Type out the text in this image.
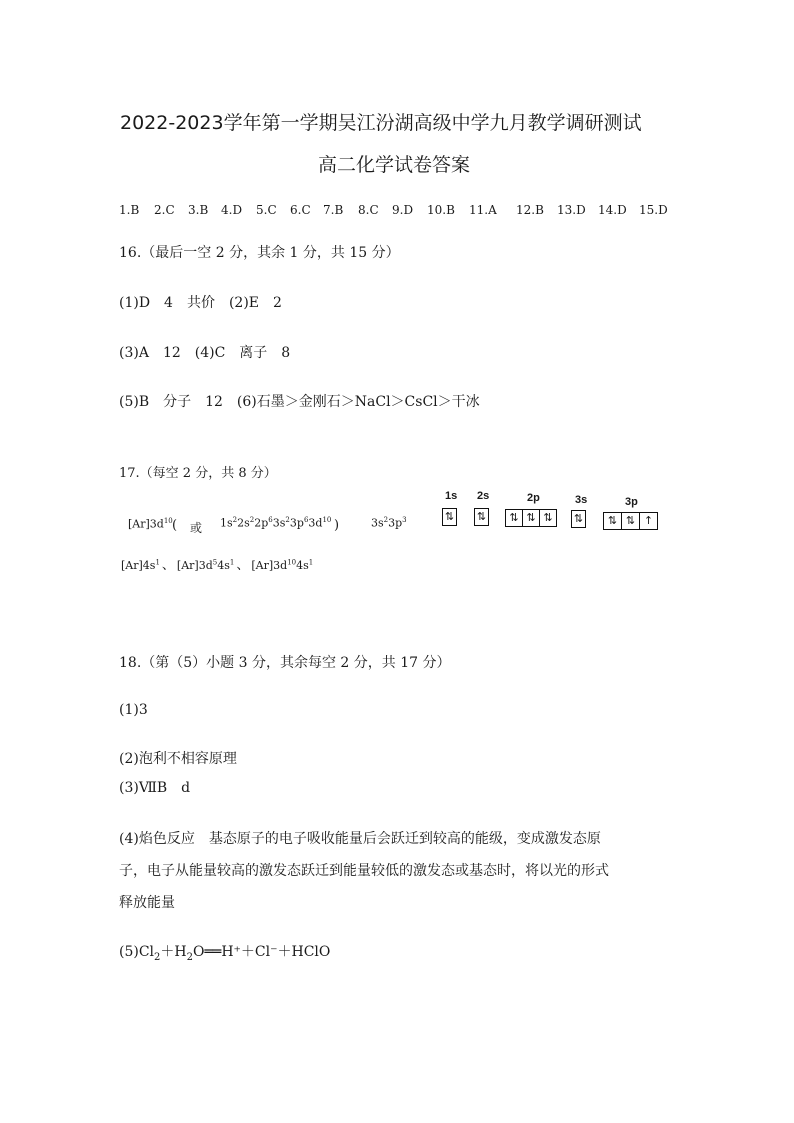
2022-2023学年第一学期吴江汾湖高级中学九月教学调研测试
高二化学试卷答案
1.B 2.C 3.B 4.D 5.C 6.C 7.B 8.C 9.D 10.B 11.A 12.B 13.D 14.D 15.D
16.（最后一空 2 分，其余 1 分，共 15 分）
(1)D　4　共价　(2)E　2
(3)A　12　(4)C　离子　8
(5)B　分子　12　(6)石墨＞金刚石＞NaCl＞CsCl＞干冰
17.（每空 2 分，共 8 分）
$[Ar]3d^{10}$ ( 或 $1s^22s^22p^63s^23p^63d^{10}$ )	$3s^23p^3$
1s 2s	2p	3s	3p
⇅ ⇅	⇅ ⇅ ⇅	⇅	⇅ ⇅ ↑
$[Ar]4s^1$ 、 $[Ar]3d^54s^1$ 、 $[Ar]3d^{10}4s^1$
18.（第（5）小题 3 分，其余每空 2 分，共 17 分）
(1)3
(2)泡利不相容原理
(3)ⅦB　d
(4)焰色反应　基态原子的电子吸收能量后会跃迁到较高的能级，变成激发态原
子，电子从能量较高的激发态跃迁到能量较低的激发态或基态时，将以光的形式
释放能量
$(5)Cl_2+H_2O══H^++Cl^-+HClO$
